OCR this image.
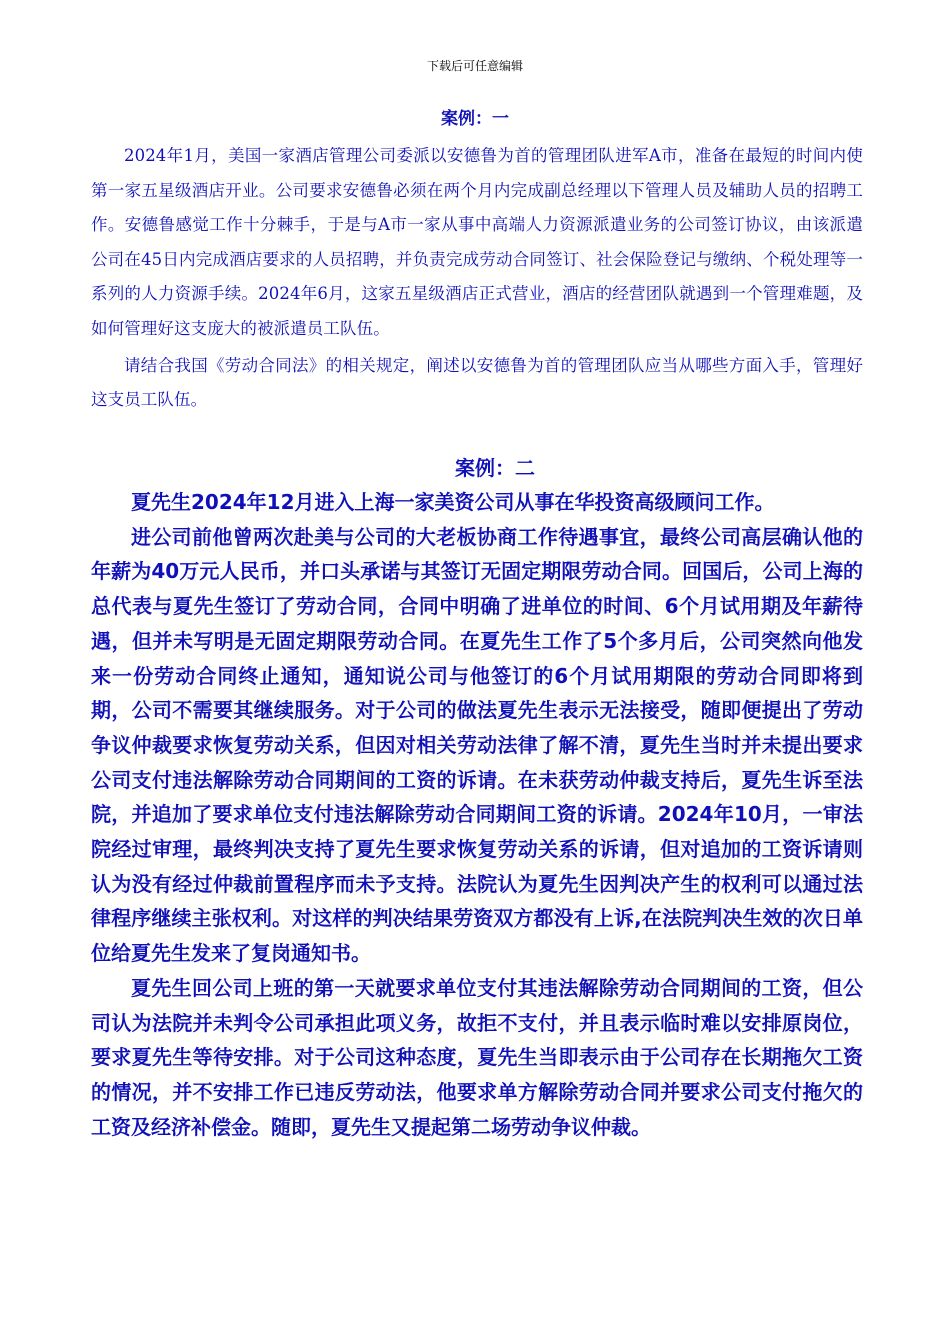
下载后可任意编辑
案例：一

2024年1月，美国一家酒店管理公司委派以安德鲁为首的管理团队进军A市，准备在最短的时间内使第一家五星级酒店开业。公司要求安德鲁必须在两个月内完成副总经理以下管理人员及辅助人员的招聘工作。安德鲁感觉工作十分棘手，于是与A市一家从事中高端人力资源派遣业务的公司签订协议，由该派遣公司在45日内完成酒店要求的人员招聘，并负责完成劳动合同签订、社会保险登记与缴纳、个税处理等一系列的人力资源手续。2024年6月，这家五星级酒店正式营业，酒店的经营团队就遇到一个管理难题，及如何管理好这支庞大的被派遣员工队伍。

请结合我国《劳动合同法》的相关规定，阐述以安德鲁为首的管理团队应当从哪些方面入手，管理好这支员工队伍。

案例：二

夏先生2024年12月进入上海一家美资公司从事在华投资高级顾问工作。

进公司前他曾两次赴美与公司的大老板协商工作待遇事宜，最终公司高层确认他的年薪为40万元人民币，并口头承诺与其签订无固定期限劳动合同。回国后，公司上海的总代表与夏先生签订了劳动合同，合同中明确了进单位的时间、6个月试用期及年薪待遇，但并未写明是无固定期限劳动合同。在夏先生工作了5个多月后，公司突然向他发来一份劳动合同终止通知，通知说公司与他签订的6个月试用期限的劳动合同即将到期，公司不需要其继续服务。对于公司的做法夏先生表示无法接受，随即便提出了劳动争议仲裁要求恢复劳动关系，但因对相关劳动法律了解不清，夏先生当时并未提出要求公司支付违法解除劳动合同期间的工资的诉请。在未获劳动仲裁支持后，夏先生诉至法院，并追加了要求单位支付违法解除劳动合同期间工资的诉请。2024年10月，一审法院经过审理，最终判决支持了夏先生要求恢复劳动关系的诉请，但对追加的工资诉请则认为没有经过仲裁前置程序而未予支持。法院认为夏先生因判决产生的权利可以通过法律程序继续主张权利。对这样的判决结果劳资双方都没有上诉,在法院判决生效的次日单位给夏先生发来了复岗通知书。

夏先生回公司上班的第一天就要求单位支付其违法解除劳动合同期间的工资，但公司认为法院并未判令公司承担此项义务，故拒不支付，并且表示临时难以安排原岗位，要求夏先生等待安排。对于公司这种态度，夏先生当即表示由于公司存在长期拖欠工资的情况，并不安排工作已违反劳动法，他要求单方解除劳动合同并要求公司支付拖欠的工资及经济补偿金。随即，夏先生又提起第二场劳动争议仲裁。
